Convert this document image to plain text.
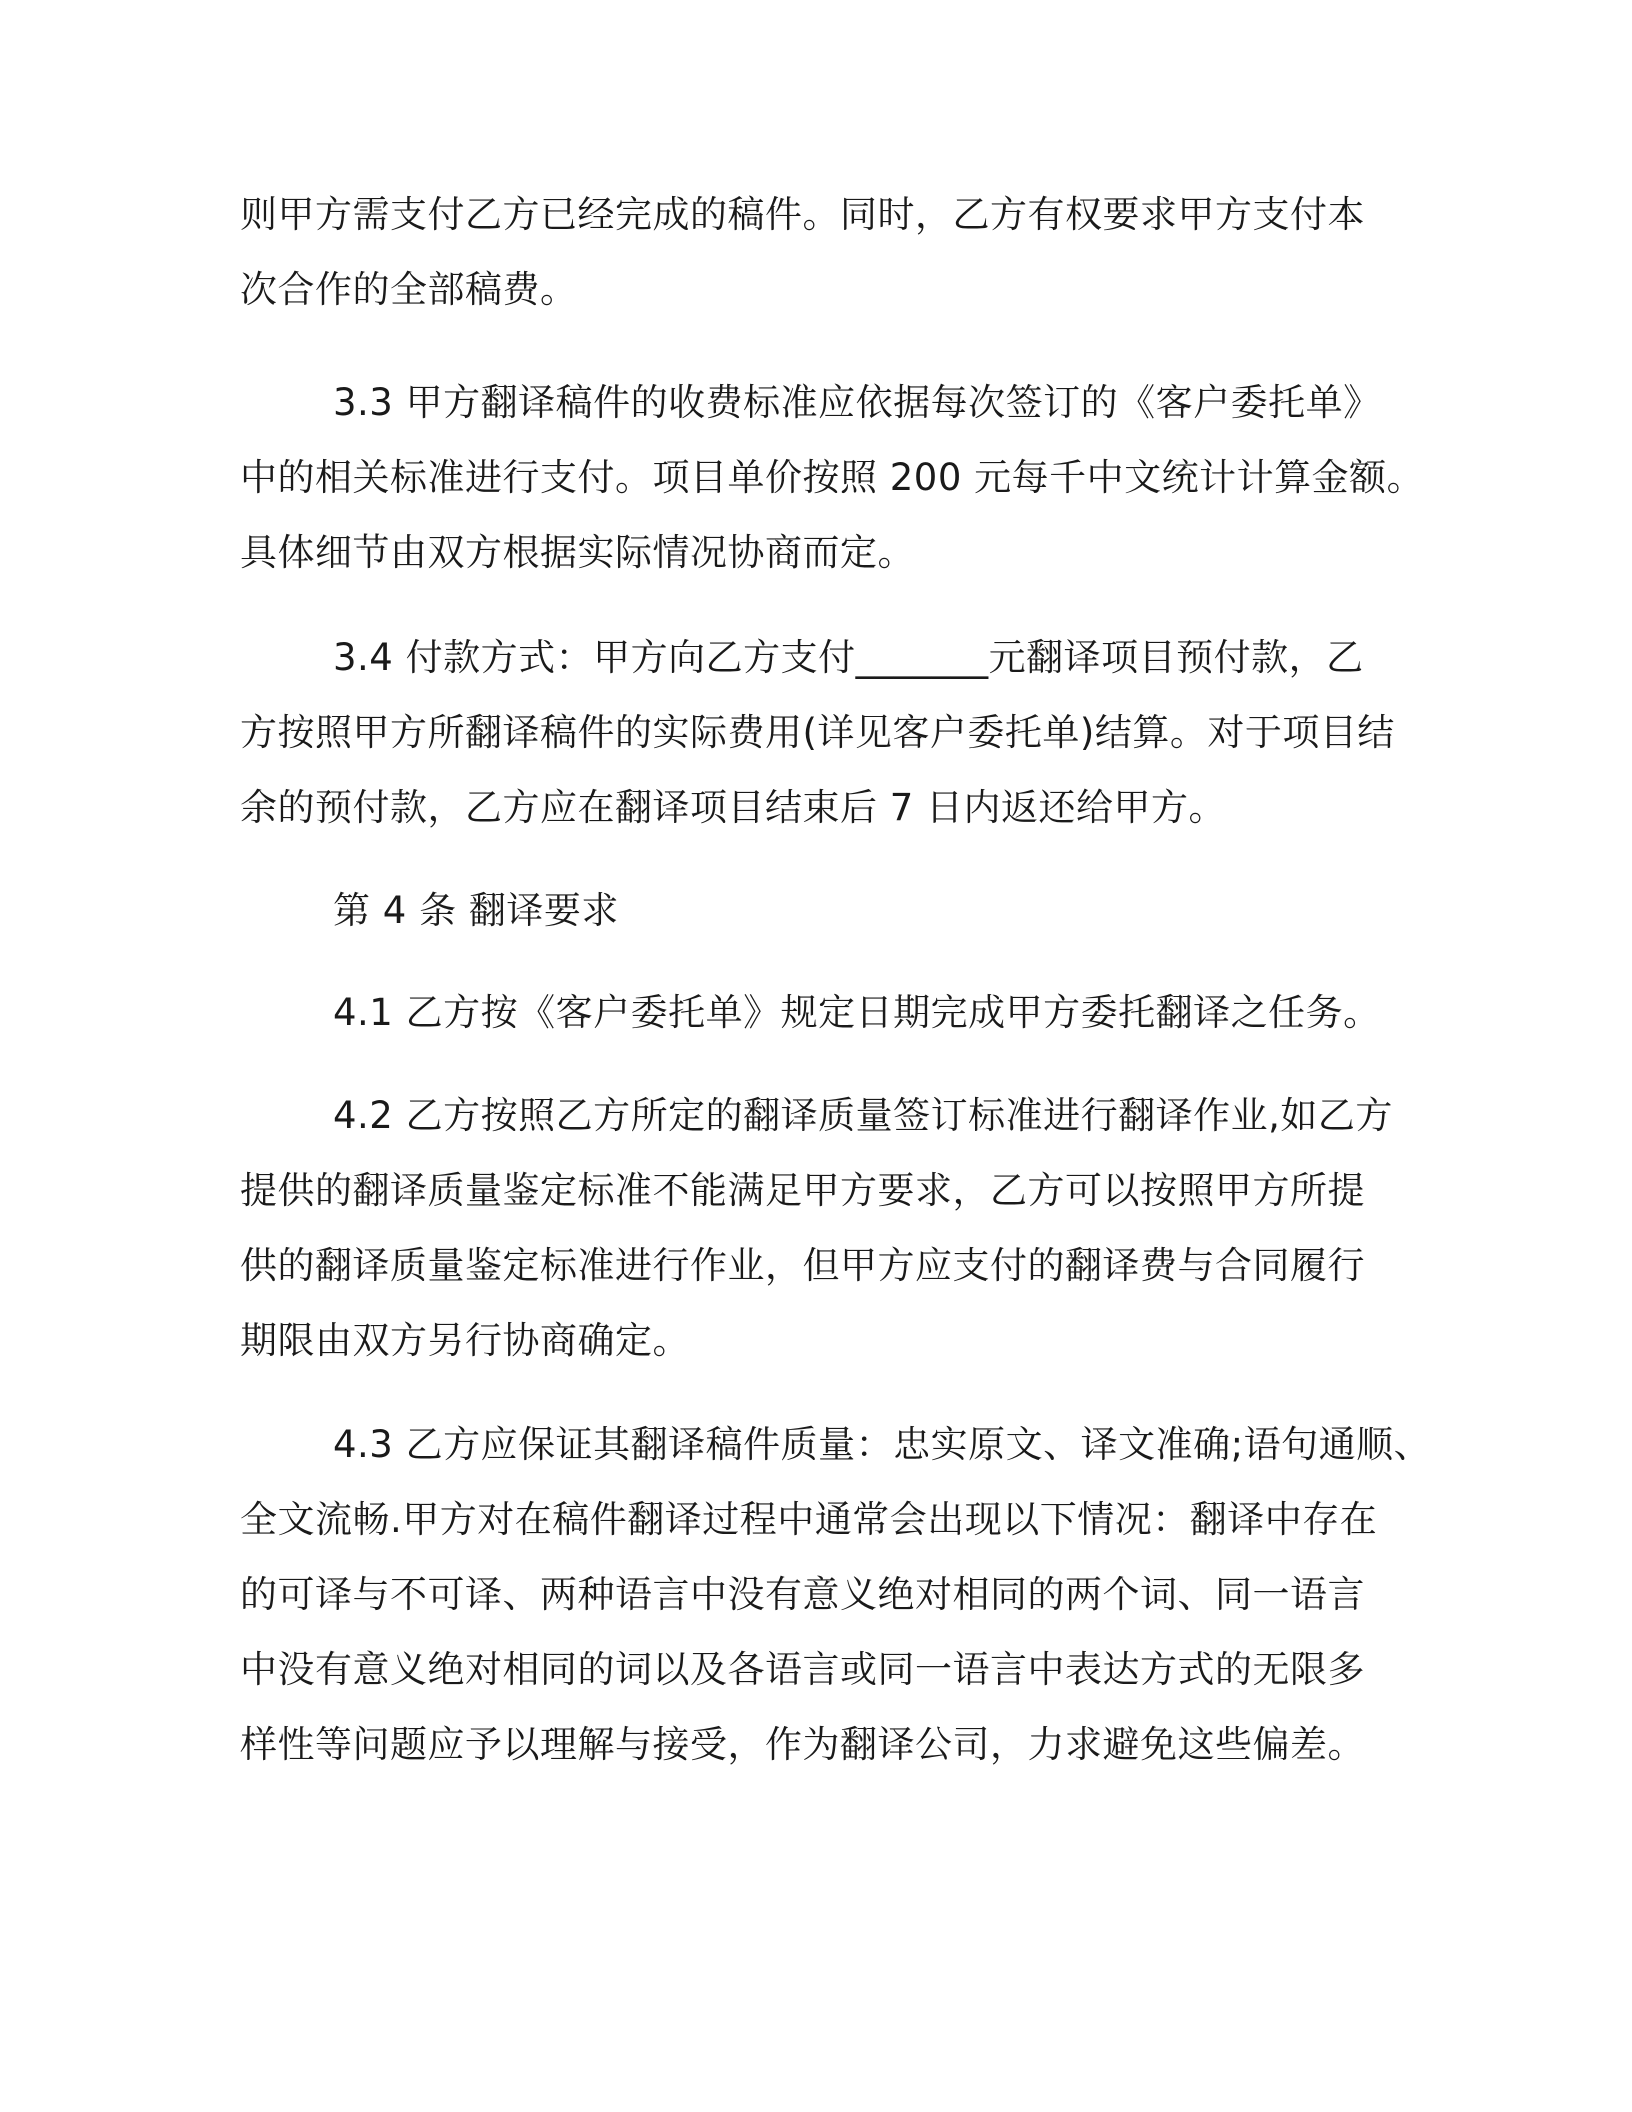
则甲方需支付乙方已经完成的稿件。同时，乙方有权要求甲方支付本
次合作的全部稿费。
3.3 甲方翻译稿件的收费标准应依据每次签订的《客户委托单》
中的相关标准进行支付。项目单价按照 200 元每千中文统计计算金额。
具体细节由双方根据实际情况协商而定。
3.4 付款方式：甲方向乙方支付_______元翻译项目预付款，乙
方按照甲方所翻译稿件的实际费用(详见客户委托单)结算。对于项目结
余的预付款，乙方应在翻译项目结束后 7 日内返还给甲方。
第 4 条 翻译要求
4.1 乙方按《客户委托单》规定日期完成甲方委托翻译之任务。
4.2 乙方按照乙方所定的翻译质量签订标准进行翻译作业,如乙方
提供的翻译质量鉴定标准不能满足甲方要求，乙方可以按照甲方所提
供的翻译质量鉴定标准进行作业，但甲方应支付的翻译费与合同履行
期限由双方另行协商确定。
4.3 乙方应保证其翻译稿件质量：忠实原文、译文准确;语句通顺、
全文流畅.甲方对在稿件翻译过程中通常会出现以下情况：翻译中存在
的可译与不可译、两种语言中没有意义绝对相同的两个词、同一语言
中没有意义绝对相同的词以及各语言或同一语言中表达方式的无限多
样性等问题应予以理解与接受，作为翻译公司，力求避免这些偏差。
